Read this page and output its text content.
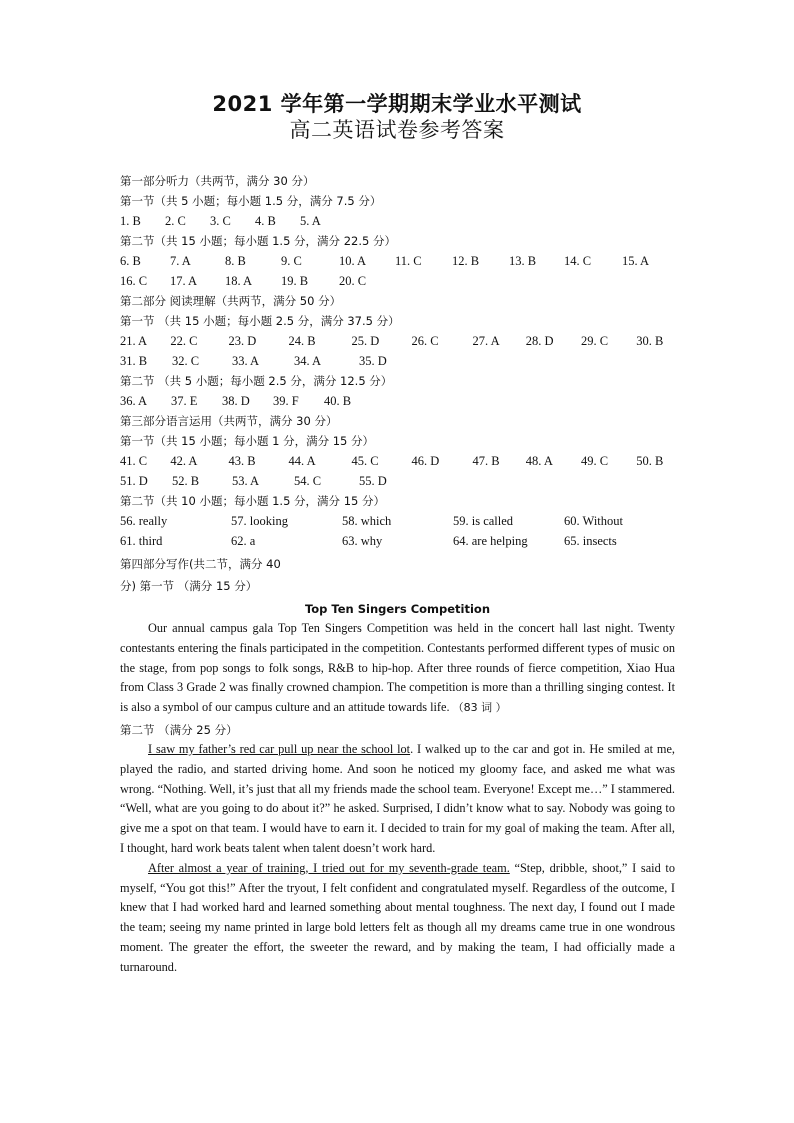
2021 学年第一学期期末学业水平测试
高二英语试卷参考答案
第一部分听力（共两节，满分 30 分）
第一节（共 5 小题；每小题 1.5 分，满分 7.5 分）
1. B	2. C	3. C	4. B	5. A
第二节（共 15 小题；每小题 1.5 分，满分 22.5 分）
6. B	7. A	8. B	9. C	10. A	11. C	12. B	13. B	14. C	15. A
16. C	17. A	18. A	19. B	20. C
第二部分 阅读理解（共两节，满分 50 分）
第一节 （共 15 小题；每小题 2.5 分，满分 37.5 分）
21. A	22. C	23. D	24. B	25. D	26. C	27. A	28. D	29. C	30. B
31. B	32. C	33. A	34. A	35. D
第二节 （共 5 小题；每小题 2.5 分，满分 12.5 分）
36. A	37. E	38. D	39. F	40. B
第三部分语言运用（共两节，满分 30 分）
第一节（共 15 小题；每小题 1 分，满分 15 分）
41. C	42. A	43. B	44. A	45. C	46. D	47. B	48. A	49. C	50. B
51. D	52. B	53. A	54. C	55. D
第二节（共 10 小题；每小题 1.5 分，满分 15 分）
56. really	57. looking	58. which	59. is called	60. Without
61. third	62. a	63. why	64. are helping	65. insects
第四部分写作(共二节，满分 40
分) 第一节 （满分 15 分）
Top Ten Singers Competition

Our annual campus gala Top Ten Singers Competition was held in the concert hall last night. Twenty contestants entering the finals participated in the competition. Contestants performed different types of music on the stage, from pop songs to folk songs, R&B to hip-hop. After three rounds of fierce competition, Xiao Hua from Class 3 Grade 2 was finally crowned champion. The competition is more than a thrilling singing contest. It is also a symbol of our campus culture and an attitude towards life. （83 词 ）

第二节 （满分 25 分）

I saw my father’s red car pull up near the school lot. I walked up to the car and got in. He smiled at me, played the radio, and started driving home. And soon he noticed my gloomy face, and asked me what was wrong. “Nothing. Well, it’s just that all my friends made the school team. Everyone! Except me…” I stammered. “Well, what are you going to do about it?” he asked. Surprised, I didn’t know what to say. Nobody was going to give me a spot on that team. I would have to earn it. I decided to train for my goal of making the team. After all, I thought, hard work beats talent when talent doesn’t work hard.

After almost a year of training, I tried out for my seventh-grade team. “Step, dribble, shoot,” I said to myself, “You got this!” After the tryout, I felt confident and congratulated myself. Regardless of the outcome, I knew that I had worked hard and learned something about mental toughness. The next day, I found out I made the team; seeing my name printed in large bold letters felt as though all my dreams came true in one wondrous moment. The greater the effort, the sweeter the reward, and by making the team, I had officially made a turnaround.
